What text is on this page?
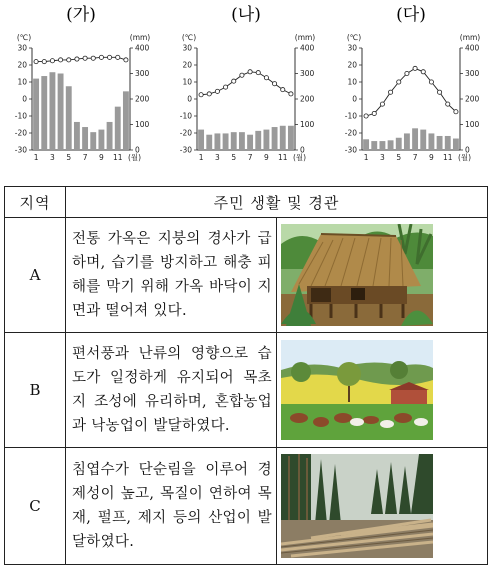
(가)
(℃)	(mm)
30
20
10
0
-10
-20
-30
400
300
200
100
0
1 3 5 7 9 11 (월)
(나)
(℃)	(mm)
30
20
10
0
-10
-20
-30
400
300
200
100
0
1 3 5 7 9 11 (월)
(다)
(℃)	(mm)
30
20
10
0
-10
-20
-30
400
300
200
100
0
1 3 5 7 9 11 (월)
지역	주민 생활 및 경관	
A	전통 가옥은 지붕의 경사가 급하며, 습기를 방지하고 해충 피해를 막기 위해 가옥 바닥이 지면과 떨어져 있다.	

B	편서풍과 난류의 영향으로 습도가 일정하게 유지되어 목초지 조성에 유리하며, 혼합농업과 낙농업이 발달하였다.	

C	침엽수가 단순림을 이루어 경제성이 높고, 목질이 연하여 목재, 펄프, 제지 등의 산업이 발달하였다.	
